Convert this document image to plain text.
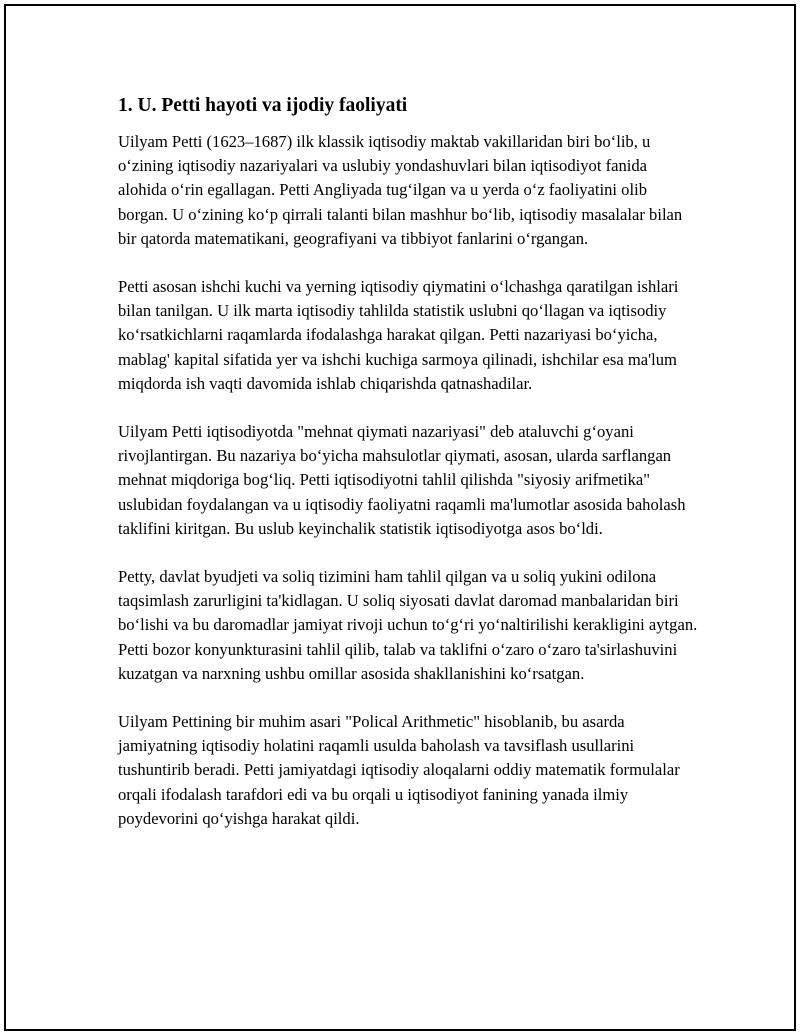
1. U. Petti hayoti va ijodiy faoliyati

Uilyam Petti (1623–1687) ilk klassik iqtisodiy maktab vakillaridan biri bo‘lib, u o‘zining iqtisodiy nazariyalari va uslubiy yondashuvlari bilan iqtisodiyot fanida alohida o‘rin egallagan. Petti Angliyada tug‘ilgan va u yerda o‘z faoliyatini olib borgan. U o‘zining ko‘p qirrali talanti bilan mashhur bo‘lib, iqtisodiy masalalar bilan bir qatorda matematikani, geografiyani va tibbiyot fanlarini o‘rgangan.

Petti asosan ishchi kuchi va yerning iqtisodiy qiymatini o‘lchashga qaratilgan ishlari bilan tanilgan. U ilk marta iqtisodiy tahlilda statistik uslubni qo‘llagan va iqtisodiy ko‘rsatkichlarni raqamlarda ifodalashga harakat qilgan. Petti nazariyasi bo‘yicha, mablag' kapital sifatida yer va ishchi kuchiga sarmoya qilinadi, ishchilar esa ma'lum miqdorda ish vaqti davomida ishlab chiqarishda qatnashadilar.

Uilyam Petti iqtisodiyotda "mehnat qiymati nazariyasi" deb ataluvchi g‘oyani rivojlantirgan. Bu nazariya bo‘yicha mahsulotlar qiymati, asosan, ularda sarflangan mehnat miqdoriga bog‘liq. Petti iqtisodiyotni tahlil qilishda "siyosiy arifmetika" uslubidan foydalangan va u iqtisodiy faoliyatni raqamli ma'lumotlar asosida baholash taklifini kiritgan. Bu uslub keyinchalik statistik iqtisodiyotga asos bo‘ldi.

Petty, davlat byudjeti va soliq tizimini ham tahlil qilgan va u soliq yukini odilona taqsimlash zarurligini ta'kidlagan. U soliq siyosati davlat daromad manbalaridan biri bo‘lishi va bu daromadlar jamiyat rivoji uchun to‘g‘ri yo‘naltirilishi kerakligini aytgan. Petti bozor konyunkturasini tahlil qilib, talab va taklifni o‘zaro o‘zaro ta'sirlashuvini kuzatgan va narxning ushbu omillar asosida shakllanishini ko‘rsatgan.

Uilyam Pettining bir muhim asari "Polical Arithmetic" hisoblanib, bu asarda jamiyatning iqtisodiy holatini raqamli usulda baholash va tavsiflash usullarini tushuntirib beradi. Petti jamiyatdagi iqtisodiy aloqalarni oddiy matematik formulalar orqali ifodalash tarafdori edi va bu orqali u iqtisodiyot fanining yanada ilmiy poydevorini qo‘yishga harakat qildi.
